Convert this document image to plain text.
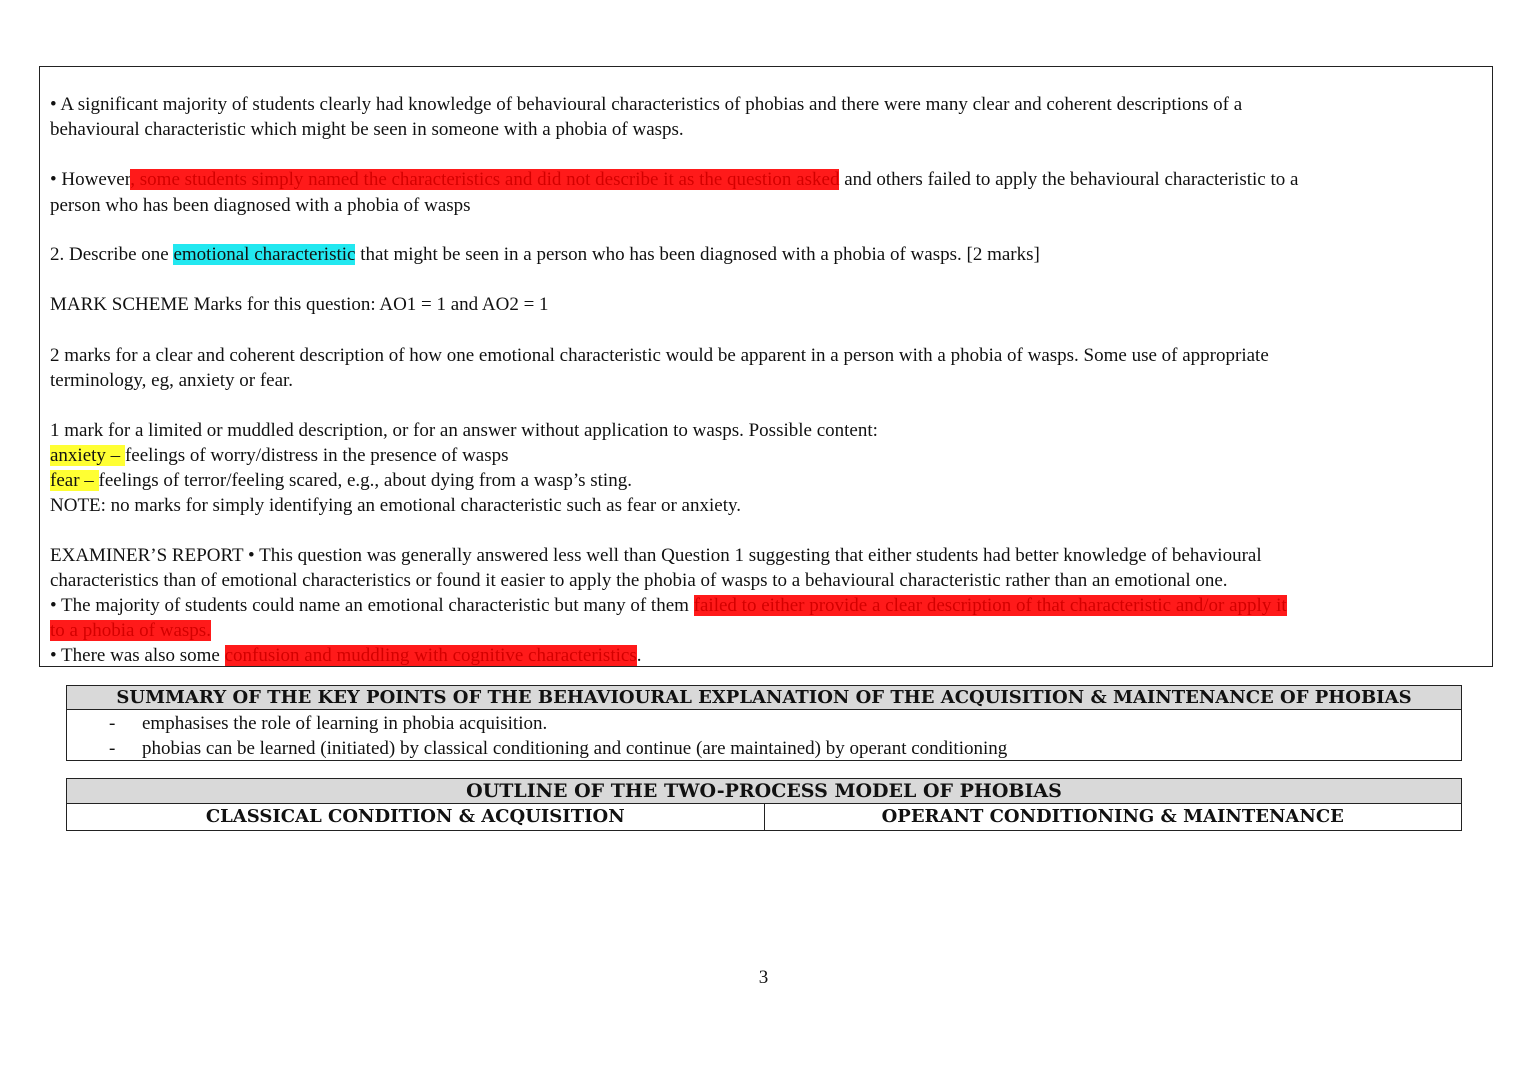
• A significant majority of students clearly had knowledge of behavioural characteristics of phobias and there were many clear and coherent descriptions of a
behavioural characteristic which might be seen in someone with a phobia of wasps.
• However, some students simply named the characteristics and did not describe it as the question asked and others failed to apply the behavioural characteristic to a
person who has been diagnosed with a phobia of wasps
2. Describe one emotional characteristic that might be seen in a person who has been diagnosed with a phobia of wasps. [2 marks]
MARK SCHEME Marks for this question: AO1 = 1 and AO2 = 1
2 marks for a clear and coherent description of how one emotional characteristic would be apparent in a person with a phobia of wasps. Some use of appropriate
terminology, eg, anxiety or fear.
1 mark for a limited or muddled description, or for an answer without application to wasps. Possible content:
anxiety – feelings of worry/distress in the presence of wasps
fear – feelings of terror/feeling scared, e.g., about dying from a wasp’s sting.
NOTE: no marks for simply identifying an emotional characteristic such as fear or anxiety.
EXAMINER’S REPORT • This question was generally answered less well than Question 1 suggesting that either students had better knowledge of behavioural
characteristics than of emotional characteristics or found it easier to apply the phobia of wasps to a behavioural characteristic rather than an emotional one.
• The majority of students could name an emotional characteristic but many of them failed to either provide a clear description of that characteristic and/or apply it
to a phobia of wasps.
• There was also some confusion and muddling with cognitive characteristics.
SUMMARY OF THE KEY POINTS OF THE BEHAVIOURAL EXPLANATION OF THE ACQUISITION & MAINTENANCE OF PHOBIAS
- emphasises the role of learning in phobia acquisition.
- phobias can be learned (initiated) by classical conditioning and continue (are maintained) by operant conditioning
OUTLINE OF THE TWO-PROCESS MODEL OF PHOBIAS
CLASSICAL CONDITION & ACQUISITION	OPERANT CONDITIONING & MAINTENANCE
3
